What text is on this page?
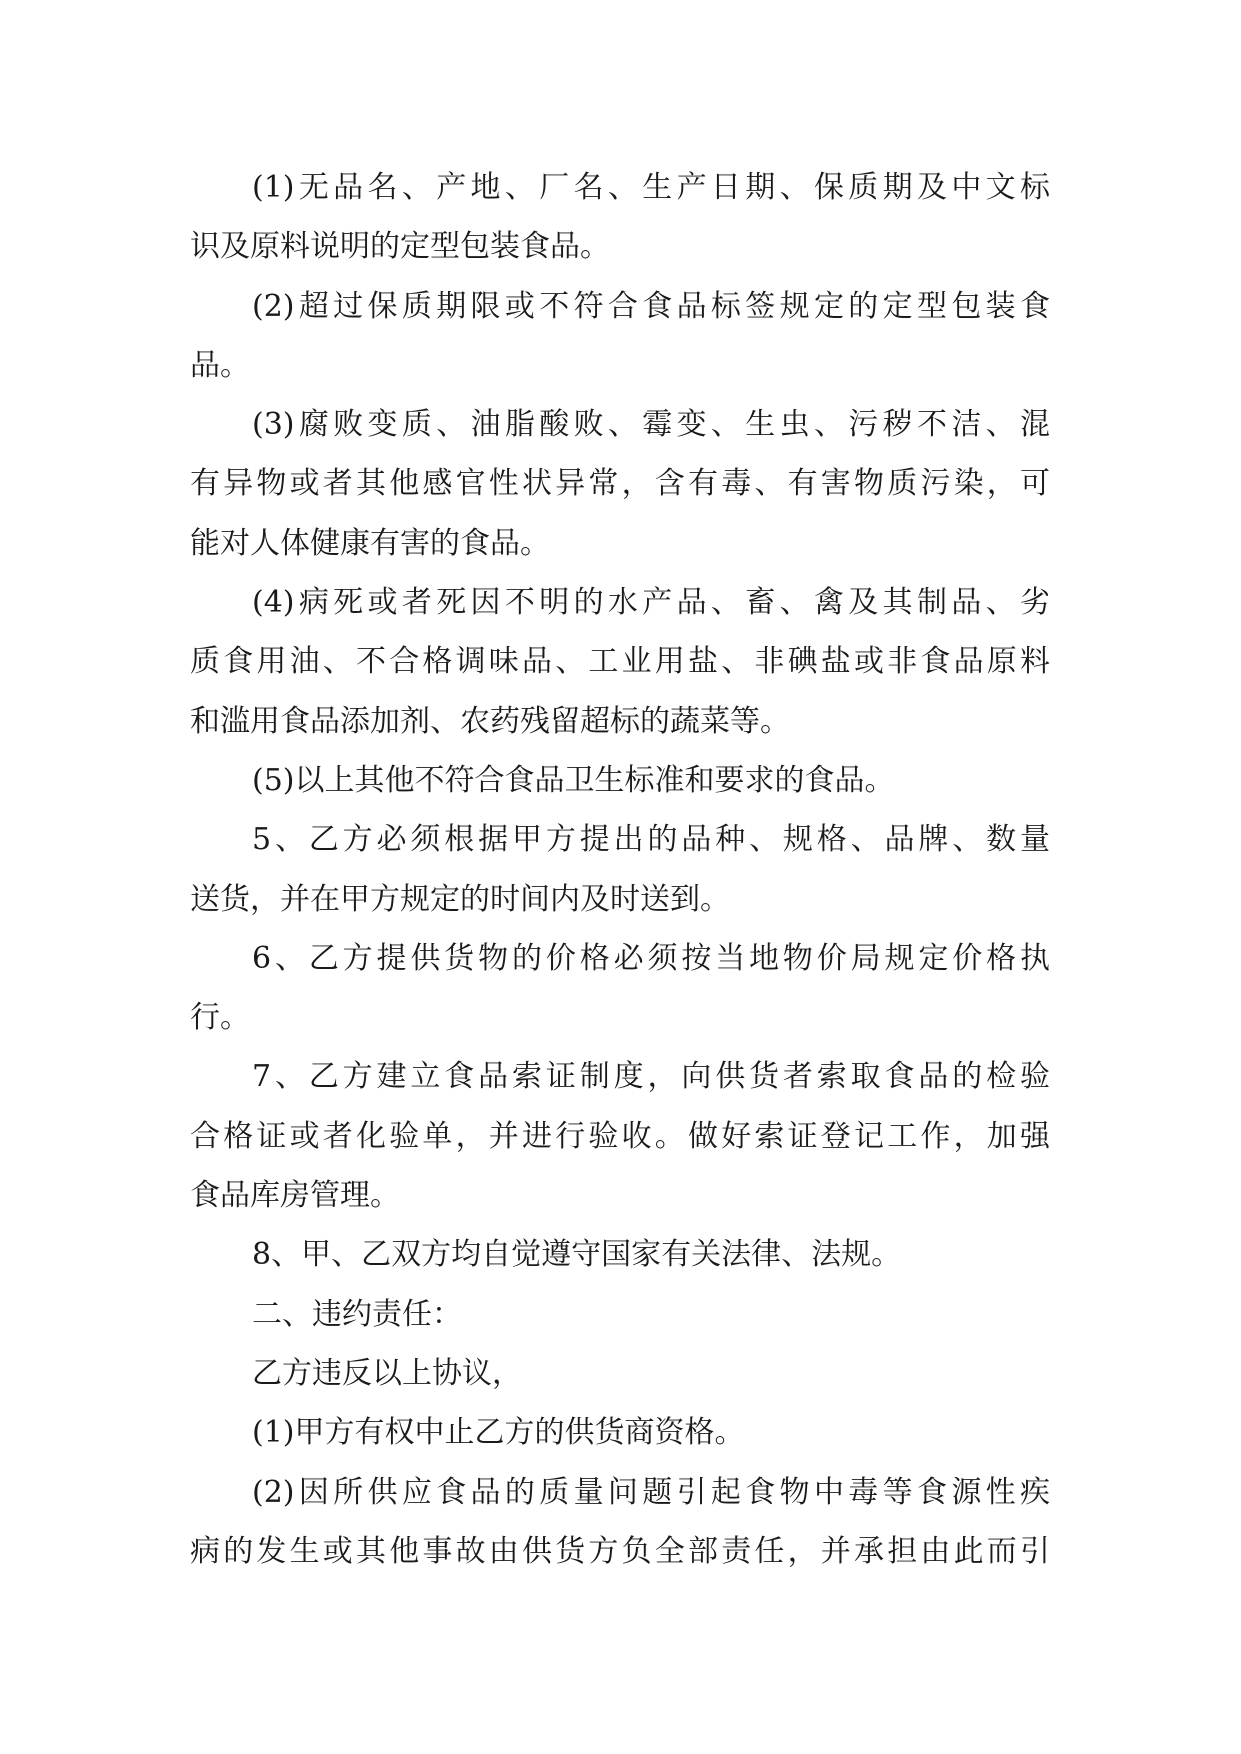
(1)无品名、产地、厂名、生产日期、保质期及中文标
识及原料说明的定型包装食品。
(2)超过保质期限或不符合食品标签规定的定型包装食
品。
(3)腐败变质、油脂酸败、霉变、生虫、污秽不洁、混
有异物或者其他感官性状异常，含有毒、有害物质污染，可
能对人体健康有害的食品。
(4)病死或者死因不明的水产品、畜、禽及其制品、劣
质食用油、不合格调味品、工业用盐、非碘盐或非食品原料
和滥用食品添加剂、农药残留超标的蔬菜等。
(5)以上其他不符合食品卫生标准和要求的食品。
5、乙方必须根据甲方提出的品种、规格、品牌、数量
送货，并在甲方规定的时间内及时送到。
6、乙方提供货物的价格必须按当地物价局规定价格执
行。
7、乙方建立食品索证制度，向供货者索取食品的检验
合格证或者化验单，并进行验收。做好索证登记工作，加强
食品库房管理。
8、甲、乙双方均自觉遵守国家有关法律、法规。
二、违约责任：
乙方违反以上协议，
(1)甲方有权中止乙方的供货商资格。
(2)因所供应食品的质量问题引起食物中毒等食源性疾
病的发生或其他事故由供货方负全部责任，并承担由此而引
